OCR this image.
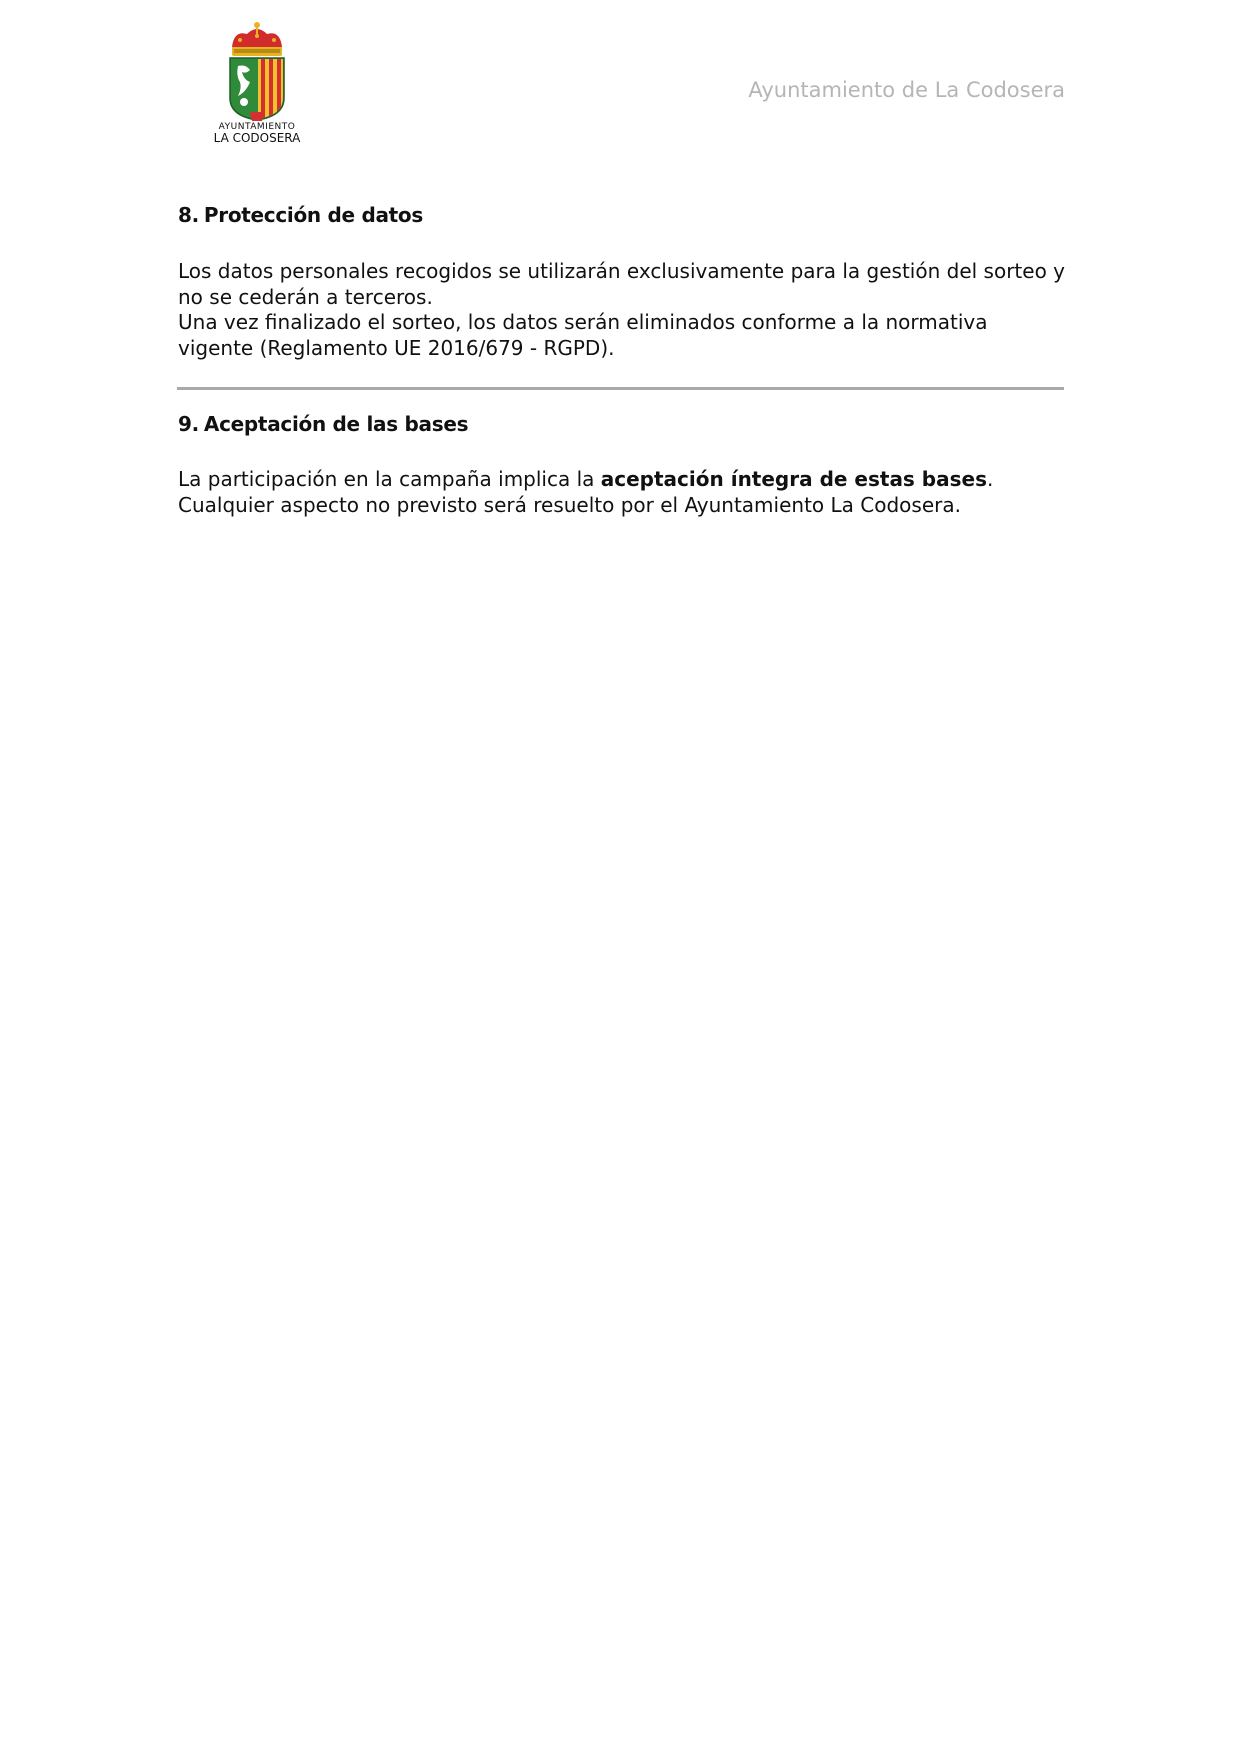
AYUNTAMIENTO
LA CODOSERA
Ayuntamiento de La Codosera
8. Protección de datos

Los datos personales recogidos se utilizarán exclusivamente para la gestión del sorteo y

no se cederán a terceros.

Una vez finalizado el sorteo, los datos serán eliminados conforme a la normativa

vigente (Reglamento UE 2016/679 - RGPD).

9. Aceptación de las bases

La participación en la campaña implica la aceptación íntegra de estas bases.

Cualquier aspecto no previsto será resuelto por el Ayuntamiento La Codosera.
